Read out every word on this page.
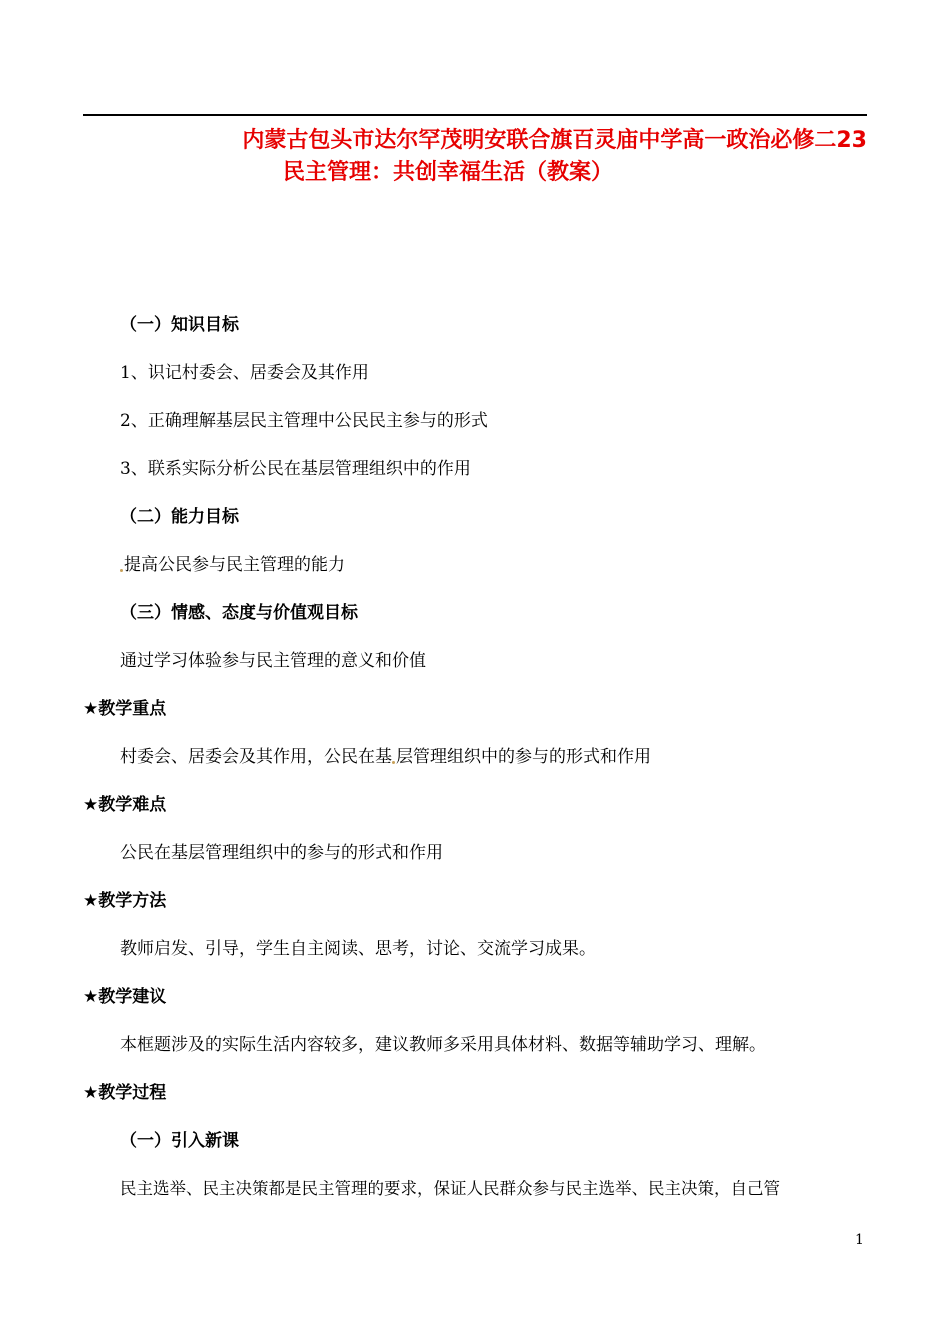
内蒙古包头市达尔罕茂明安联合旗百灵庙中学高一政治必修二23
民主管理：共创幸福生活（教案）
（一）知识目标
1、识记村委会、居委会及其作用
2、正确理解基层民主管理中公民民主参与的形式
3、联系实际分析公民在基层管理组织中的作用
（二）能力目标
提高公民参与民主管理的能力
（三）情感、态度与价值观目标
通过学习体验参与民主管理的意义和价值
★教学重点
村委会、居委会及其作用，公民在基 层管理组织中的参与的形式和作用
★教学难点
公民在基层管理组织中的参与的形式和作用
★教学方法
教师启发、引导，学生自主阅读、思考，讨论、交流学习成果。
★教学建议
本框题涉及的实际生活内容较多，建议教师多采用具体材料、数据等辅助学习、理解。
★教学过程
（一）引入新课
民主选举、民主决策都是民主管理的要求，保证人民群众参与民主选举、民主决策，自己管
1
